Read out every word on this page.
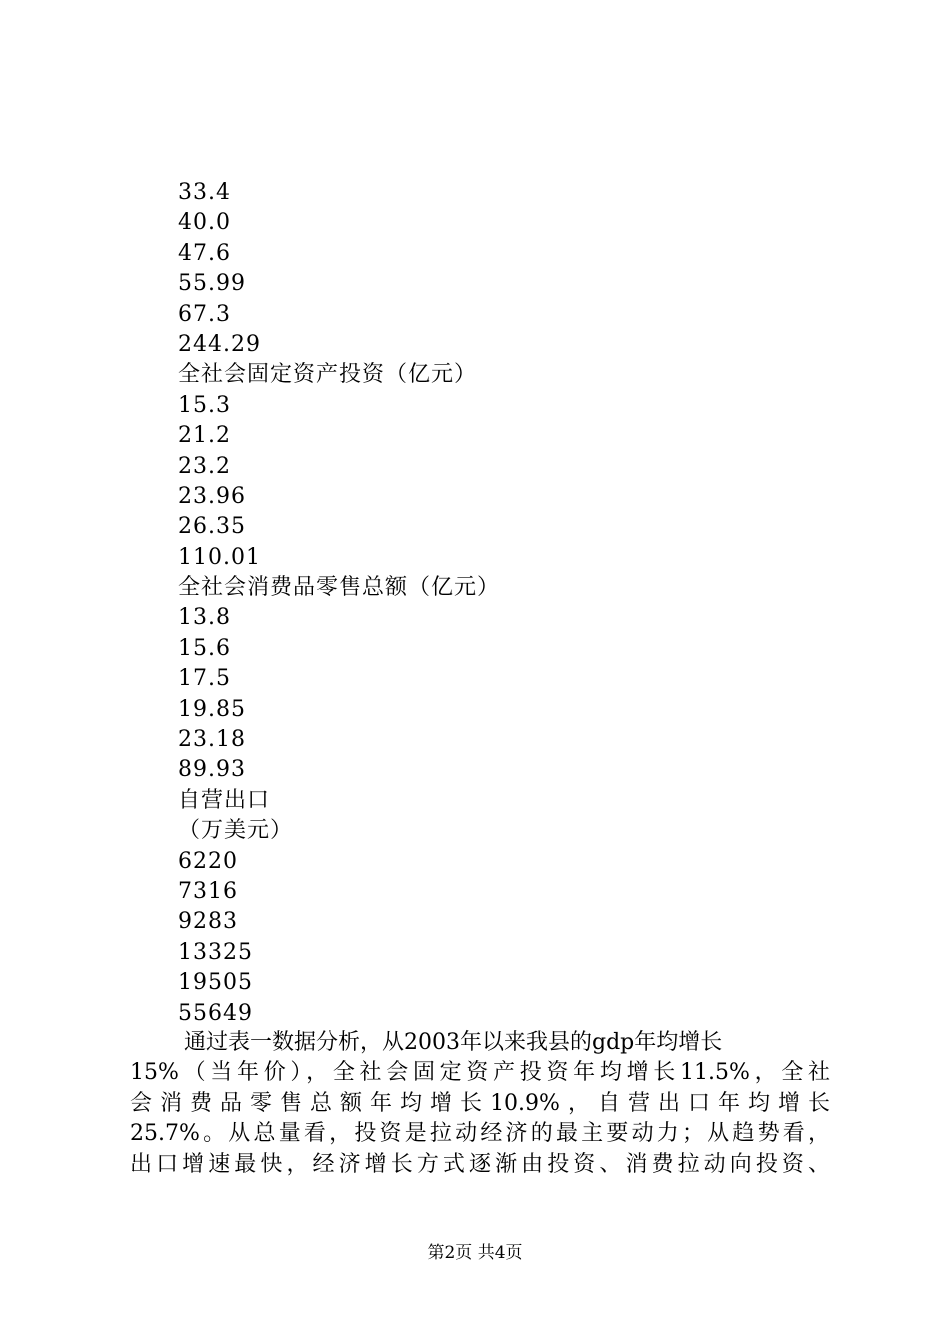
33.4
40.0
47.6
55.99
67.3
244.29
全社会固定资产投资（亿元）
15.3
21.2
23.2
23.96
26.35
110.01
全社会消费品零售总额（亿元）
13.8
15.6
17.5
19.85
23.18
89.93
自营出口
（万美元）
6220
7316
9283
13325
19505
55649
通过表一数据分析，从2003年以来我县的gdp年均增长
15%（当年价），全社会固定资产投资年均增长11.5%，全社
会消费品零售总额年均增长10.9%，自营出口年均增长
25.7%。从总量看，投资是拉动经济的最主要动力；从趋势看，
出口增速最快，经济增长方式逐渐由投资、消费拉动向投资、
第2页 共4页
